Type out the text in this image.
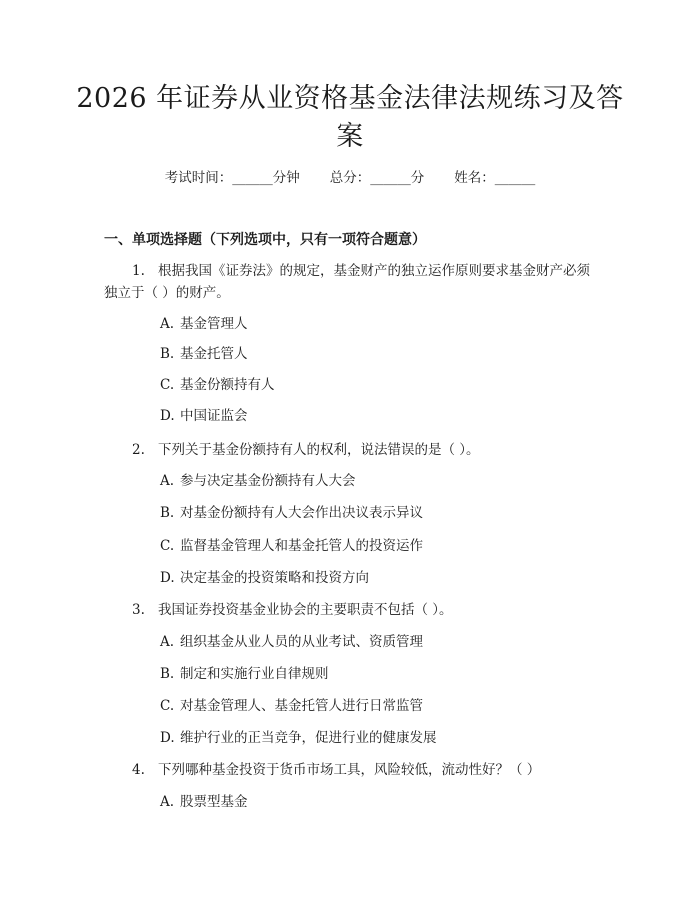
2026 年证券从业资格基金法律法规练习及答案
考试时间：______分钟 总分：______分 姓名：______
一、单项选择题（下列选项中，只有一项符合题意）
1. 根据我国《证券法》的规定，基金财产的独立运作原则要求基金财产必须
独立于（ ）的财产。
A. 基金管理人
B. 基金托管人
C. 基金份额持有人
D. 中国证监会
2. 下列关于基金份额持有人的权利，说法错误的是（ ）。
A. 参与决定基金份额持有人大会
B. 对基金份额持有人大会作出决议表示异议
C. 监督基金管理人和基金托管人的投资运作
D. 决定基金的投资策略和投资方向
3. 我国证券投资基金业协会的主要职责不包括（ ）。
A. 组织基金从业人员的从业考试、资质管理
B. 制定和实施行业自律规则
C. 对基金管理人、基金托管人进行日常监管
D. 维护行业的正当竞争，促进行业的健康发展
4. 下列哪种基金投资于货币市场工具，风险较低，流动性好？（ ）
A. 股票型基金
